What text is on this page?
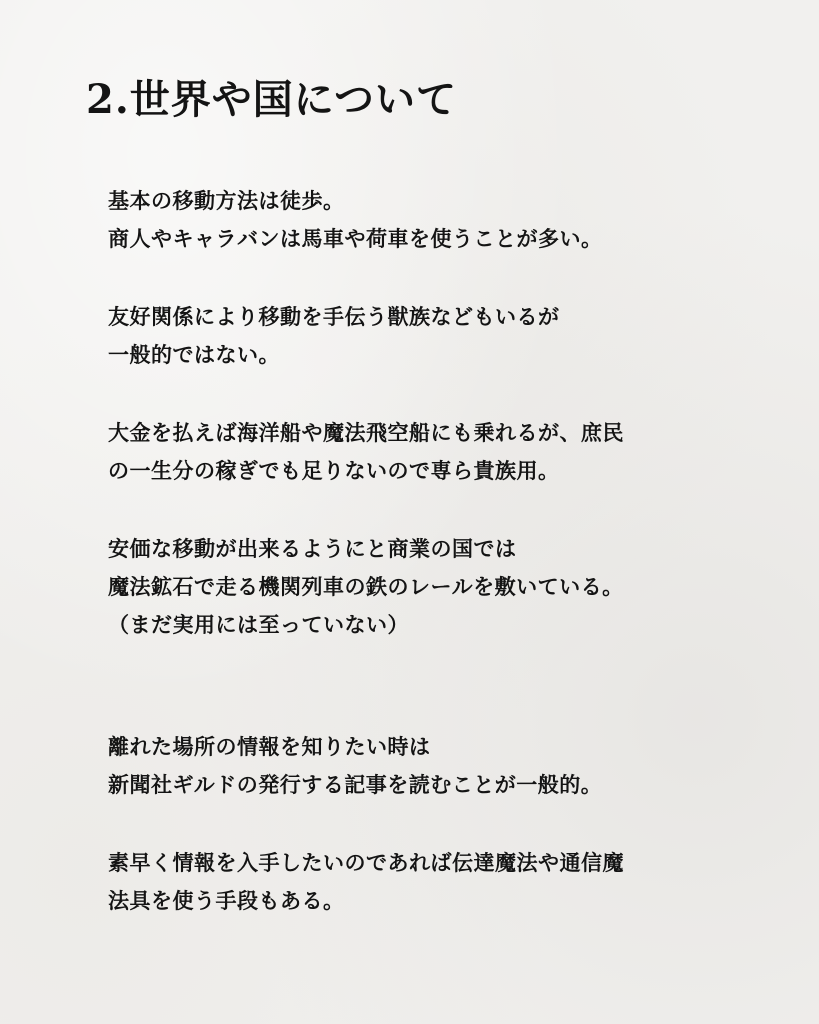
2.世界や国について

基本の移動方法は徒歩。
商人やキャラバンは馬車や荷車を使うことが多い。

友好関係により移動を手伝う獣族などもいるが
一般的ではない。

大金を払えば海洋船や魔法飛空船にも乗れるが、庶民
の一生分の稼ぎでも足りないので専ら貴族用。

安価な移動が出来るようにと商業の国では
魔法鉱石で走る機関列車の鉄のレールを敷いている。
（まだ実用には至っていない）

離れた場所の情報を知りたい時は
新聞社ギルドの発行する記事を読むことが一般的。

素早く情報を入手したいのであれば伝達魔法や通信魔
法具を使う手段もある。
